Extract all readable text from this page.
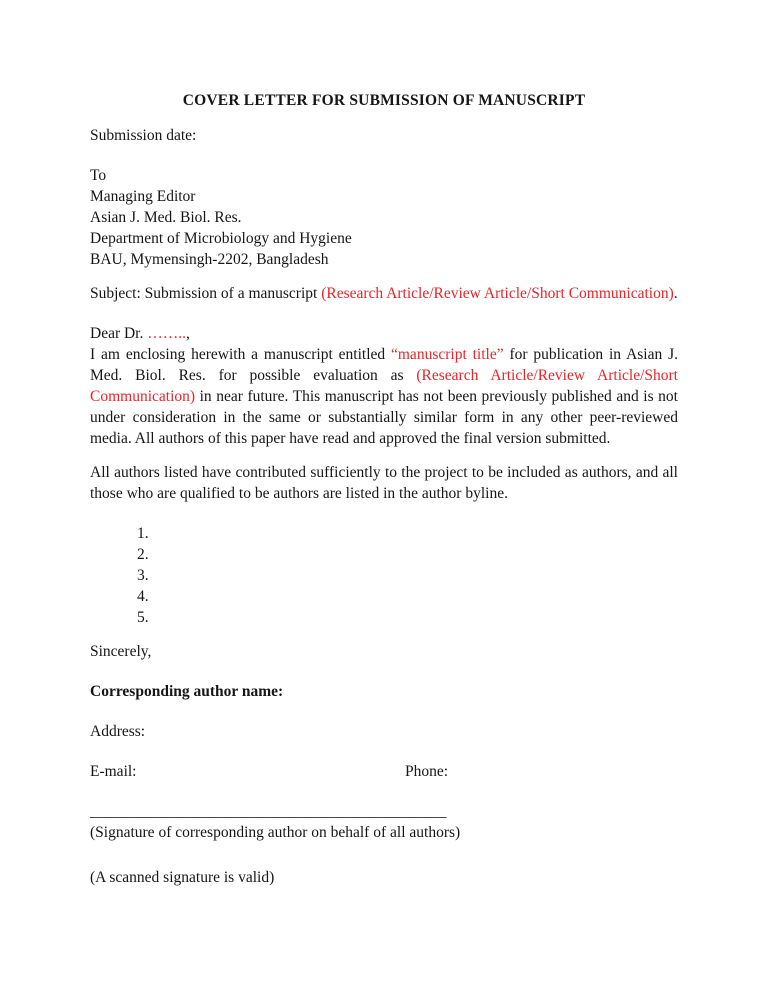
COVER LETTER FOR SUBMISSION OF MANUSCRIPT

Submission date:

To

Managing Editor

Asian J. Med. Biol. Res.

Department of Microbiology and Hygiene

BAU, Mymensingh-2202, Bangladesh

Subject: Submission of a manuscript (Research Article/Review Article/Short Communication).

Dear Dr. ……..,

I am enclosing herewith a manuscript entitled “manuscript title” for publication in Asian J. Med. Biol. Res. for possible evaluation as (Research Article/Review Article/Short Communication) in near future. This manuscript has not been previously published and is not under consideration in the same or substantially similar form in any other peer-reviewed media. All authors of this paper have read and approved the final version submitted.

All authors listed have contributed sufficiently to the project to be included as authors, and all those who are qualified to be authors are listed in the author byline.

1.

2.

3.

4.

5.

Sincerely,

Corresponding author name:

Address:

E-mail:	Phone:

______________________________________________

(Signature of corresponding author on behalf of all authors)

(A scanned signature is valid)
